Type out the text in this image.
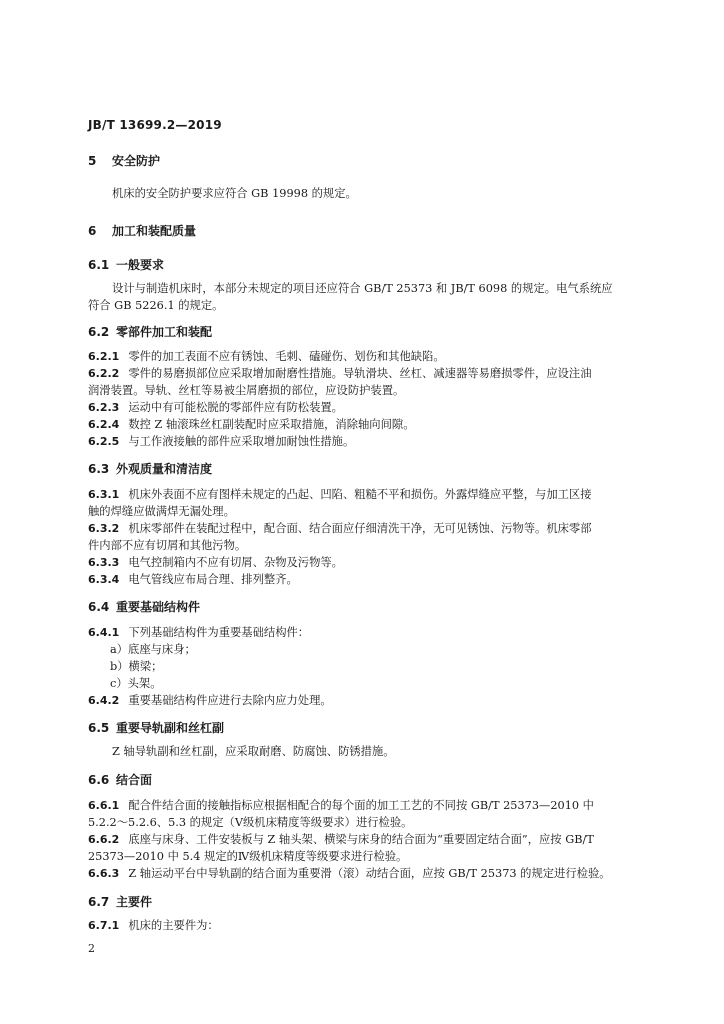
JB/T 13699.2—2019
5 安全防护
机床的安全防护要求应符合 GB 19998 的规定。
6 加工和装配质量
6.1 一般要求
设计与制造机床时，本部分未规定的项目还应符合 GB/T 25373 和 JB/T 6098 的规定。电气系统应
符合 GB 5226.1 的规定。
6.2 零部件加工和装配
6.2.1 零件的加工表面不应有锈蚀、毛刺、磕碰伤、划伤和其他缺陷。
6.2.2 零件的易磨损部位应采取增加耐磨性措施。导轨滑块、丝杠、减速器等易磨损零件，应设注油
润滑装置。导轨、丝杠等易被尘屑磨损的部位，应设防护装置。
6.2.3 运动中有可能松脱的零部件应有防松装置。
6.2.4 数控 Z 轴滚珠丝杠副装配时应采取措施，消除轴向间隙。
6.2.5 与工作液接触的部件应采取增加耐蚀性措施。
6.3 外观质量和清洁度
6.3.1 机床外表面不应有图样未规定的凸起、凹陷、粗糙不平和损伤。外露焊缝应平整，与加工区接
触的焊缝应做满焊无漏处理。
6.3.2 机床零部件在装配过程中，配合面、结合面应仔细清洗干净，无可见锈蚀、污物等。机床零部
件内部不应有切屑和其他污物。
6.3.3 电气控制箱内不应有切屑、杂物及污物等。
6.3.4 电气管线应布局合理、排列整齐。
6.4 重要基础结构件
6.4.1 下列基础结构件为重要基础结构件：
a）底座与床身；
b）横梁；
c）头架。
6.4.2 重要基础结构件应进行去除内应力处理。
6.5 重要导轨副和丝杠副
Z 轴导轨副和丝杠副，应采取耐磨、防腐蚀、防锈措施。
6.6 结合面
6.6.1 配合件结合面的接触指标应根据相配合的每个面的加工工艺的不同按 GB/T 25373—2010 中
5.2.2～5.2.6、5.3 的规定（Ⅴ级机床精度等级要求）进行检验。
6.6.2 底座与床身、工件安装板与 Z 轴头架、横梁与床身的结合面为“重要固定结合面”，应按 GB/T
25373—2010 中 5.4 规定的Ⅳ级机床精度等级要求进行检验。
6.6.3 Z 轴运动平台中导轨副的结合面为重要滑（滚）动结合面，应按 GB/T 25373 的规定进行检验。
6.7 主要件
6.7.1 机床的主要件为：
2
